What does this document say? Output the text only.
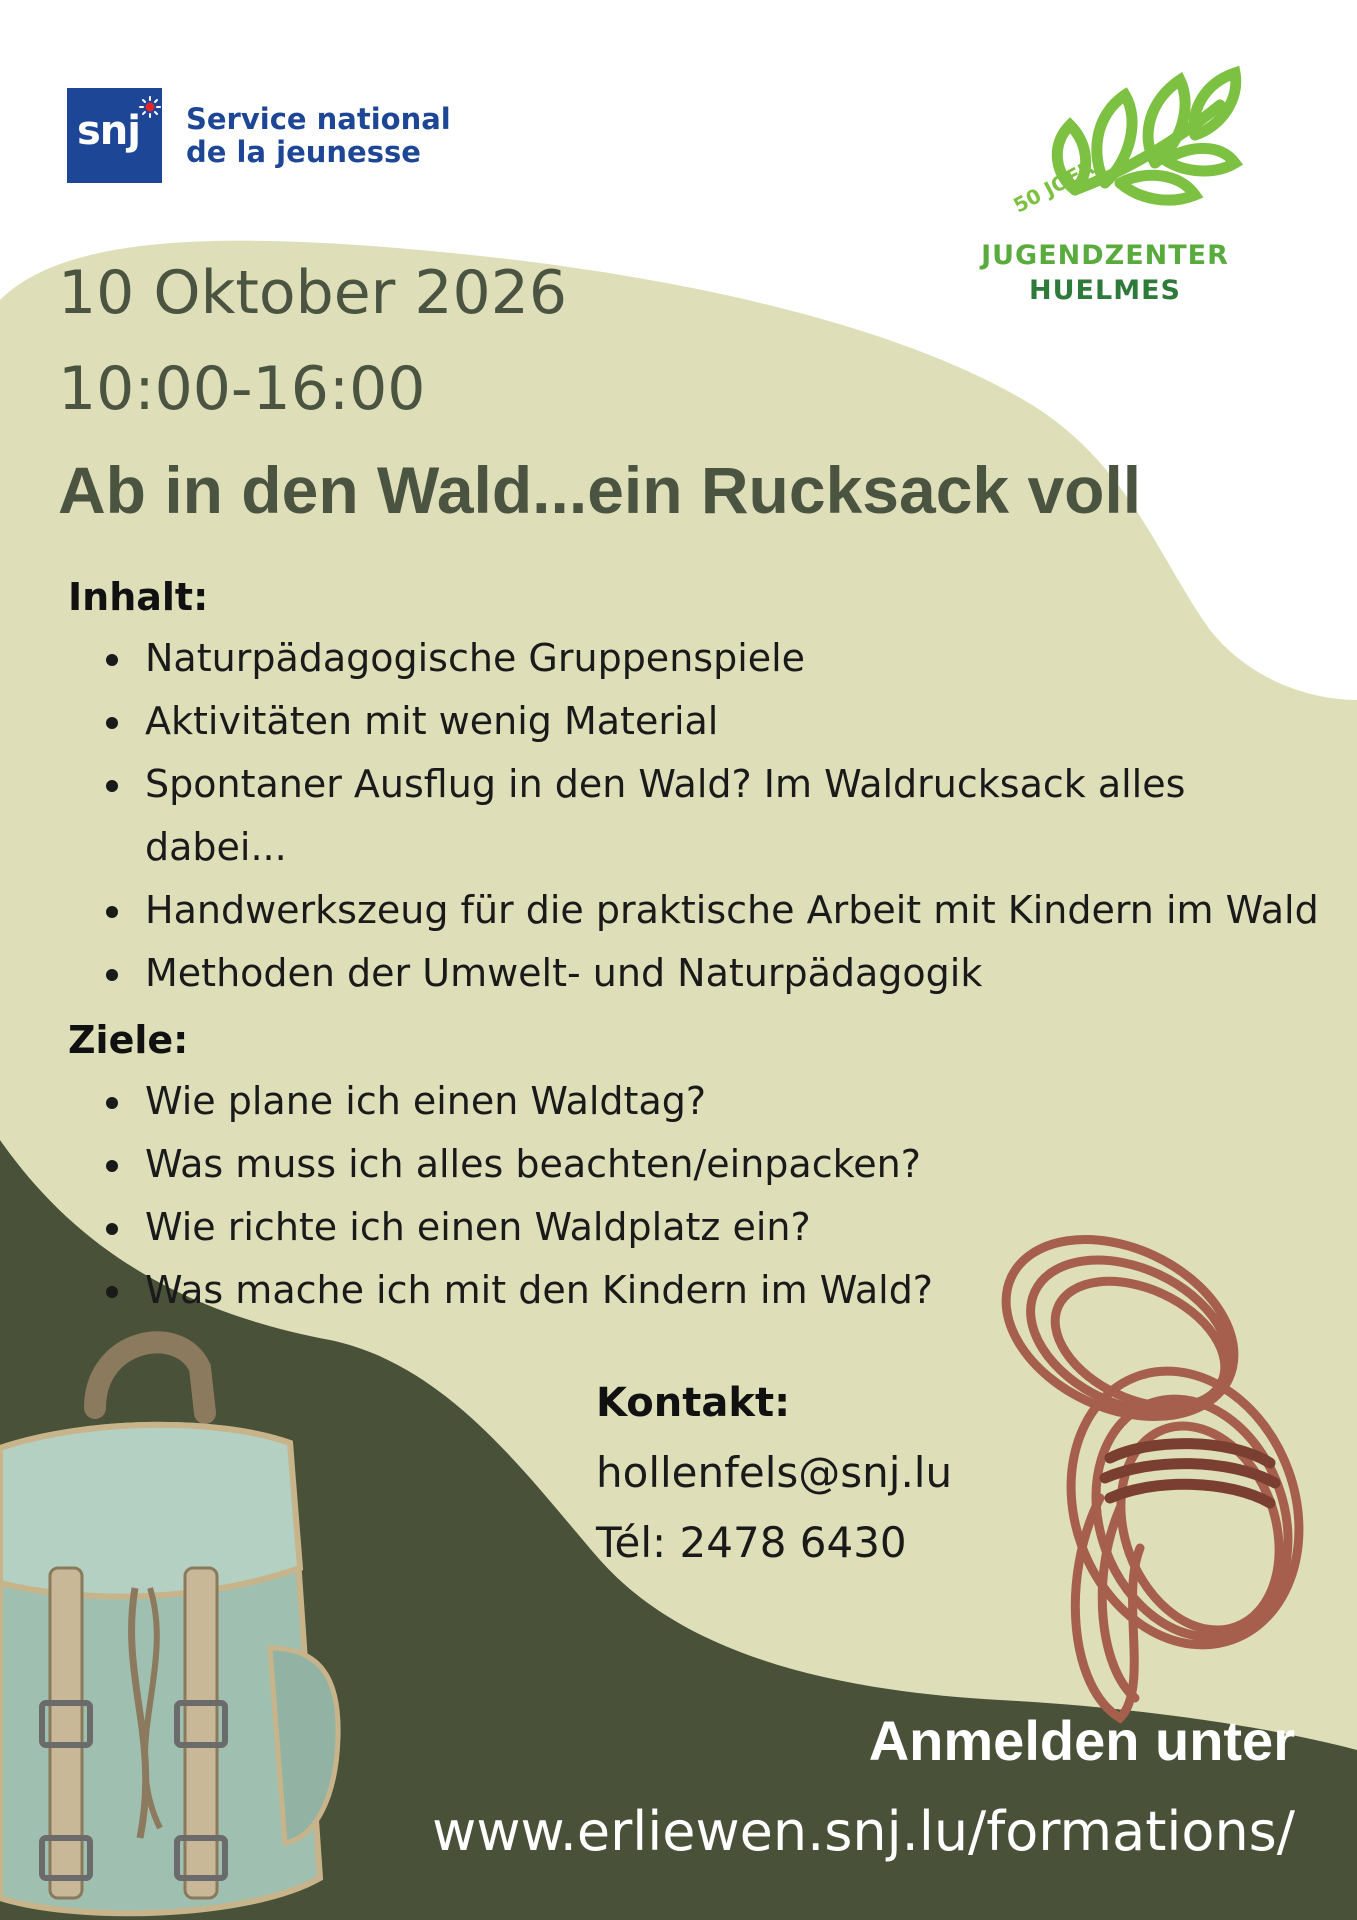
snj Service national
de la jeunesse
50 JOER
JUGENDZENTER
HUELMES
10 Oktober 2026
10:00-16:00
Ab in den Wald...ein Rucksack voll
Inhalt:
Naturpädagogische Gruppenspiele
Aktivitäten mit wenig Material
Spontaner Ausflug in den Wald? Im Waldrucksack alles dabei...
Handwerkszeug für die praktische Arbeit mit Kindern im Wald
Methoden der Umwelt- und Naturpädagogik
Ziele:
Wie plane ich einen Waldtag?
Was muss ich alles beachten/einpacken?
Wie richte ich einen Waldplatz ein?
Was mache ich mit den Kindern im Wald?
Kontakt:
hollenfels@snj.lu
Tél: 2478 6430
Anmelden unter
www.erliewen.snj.lu/formations/
